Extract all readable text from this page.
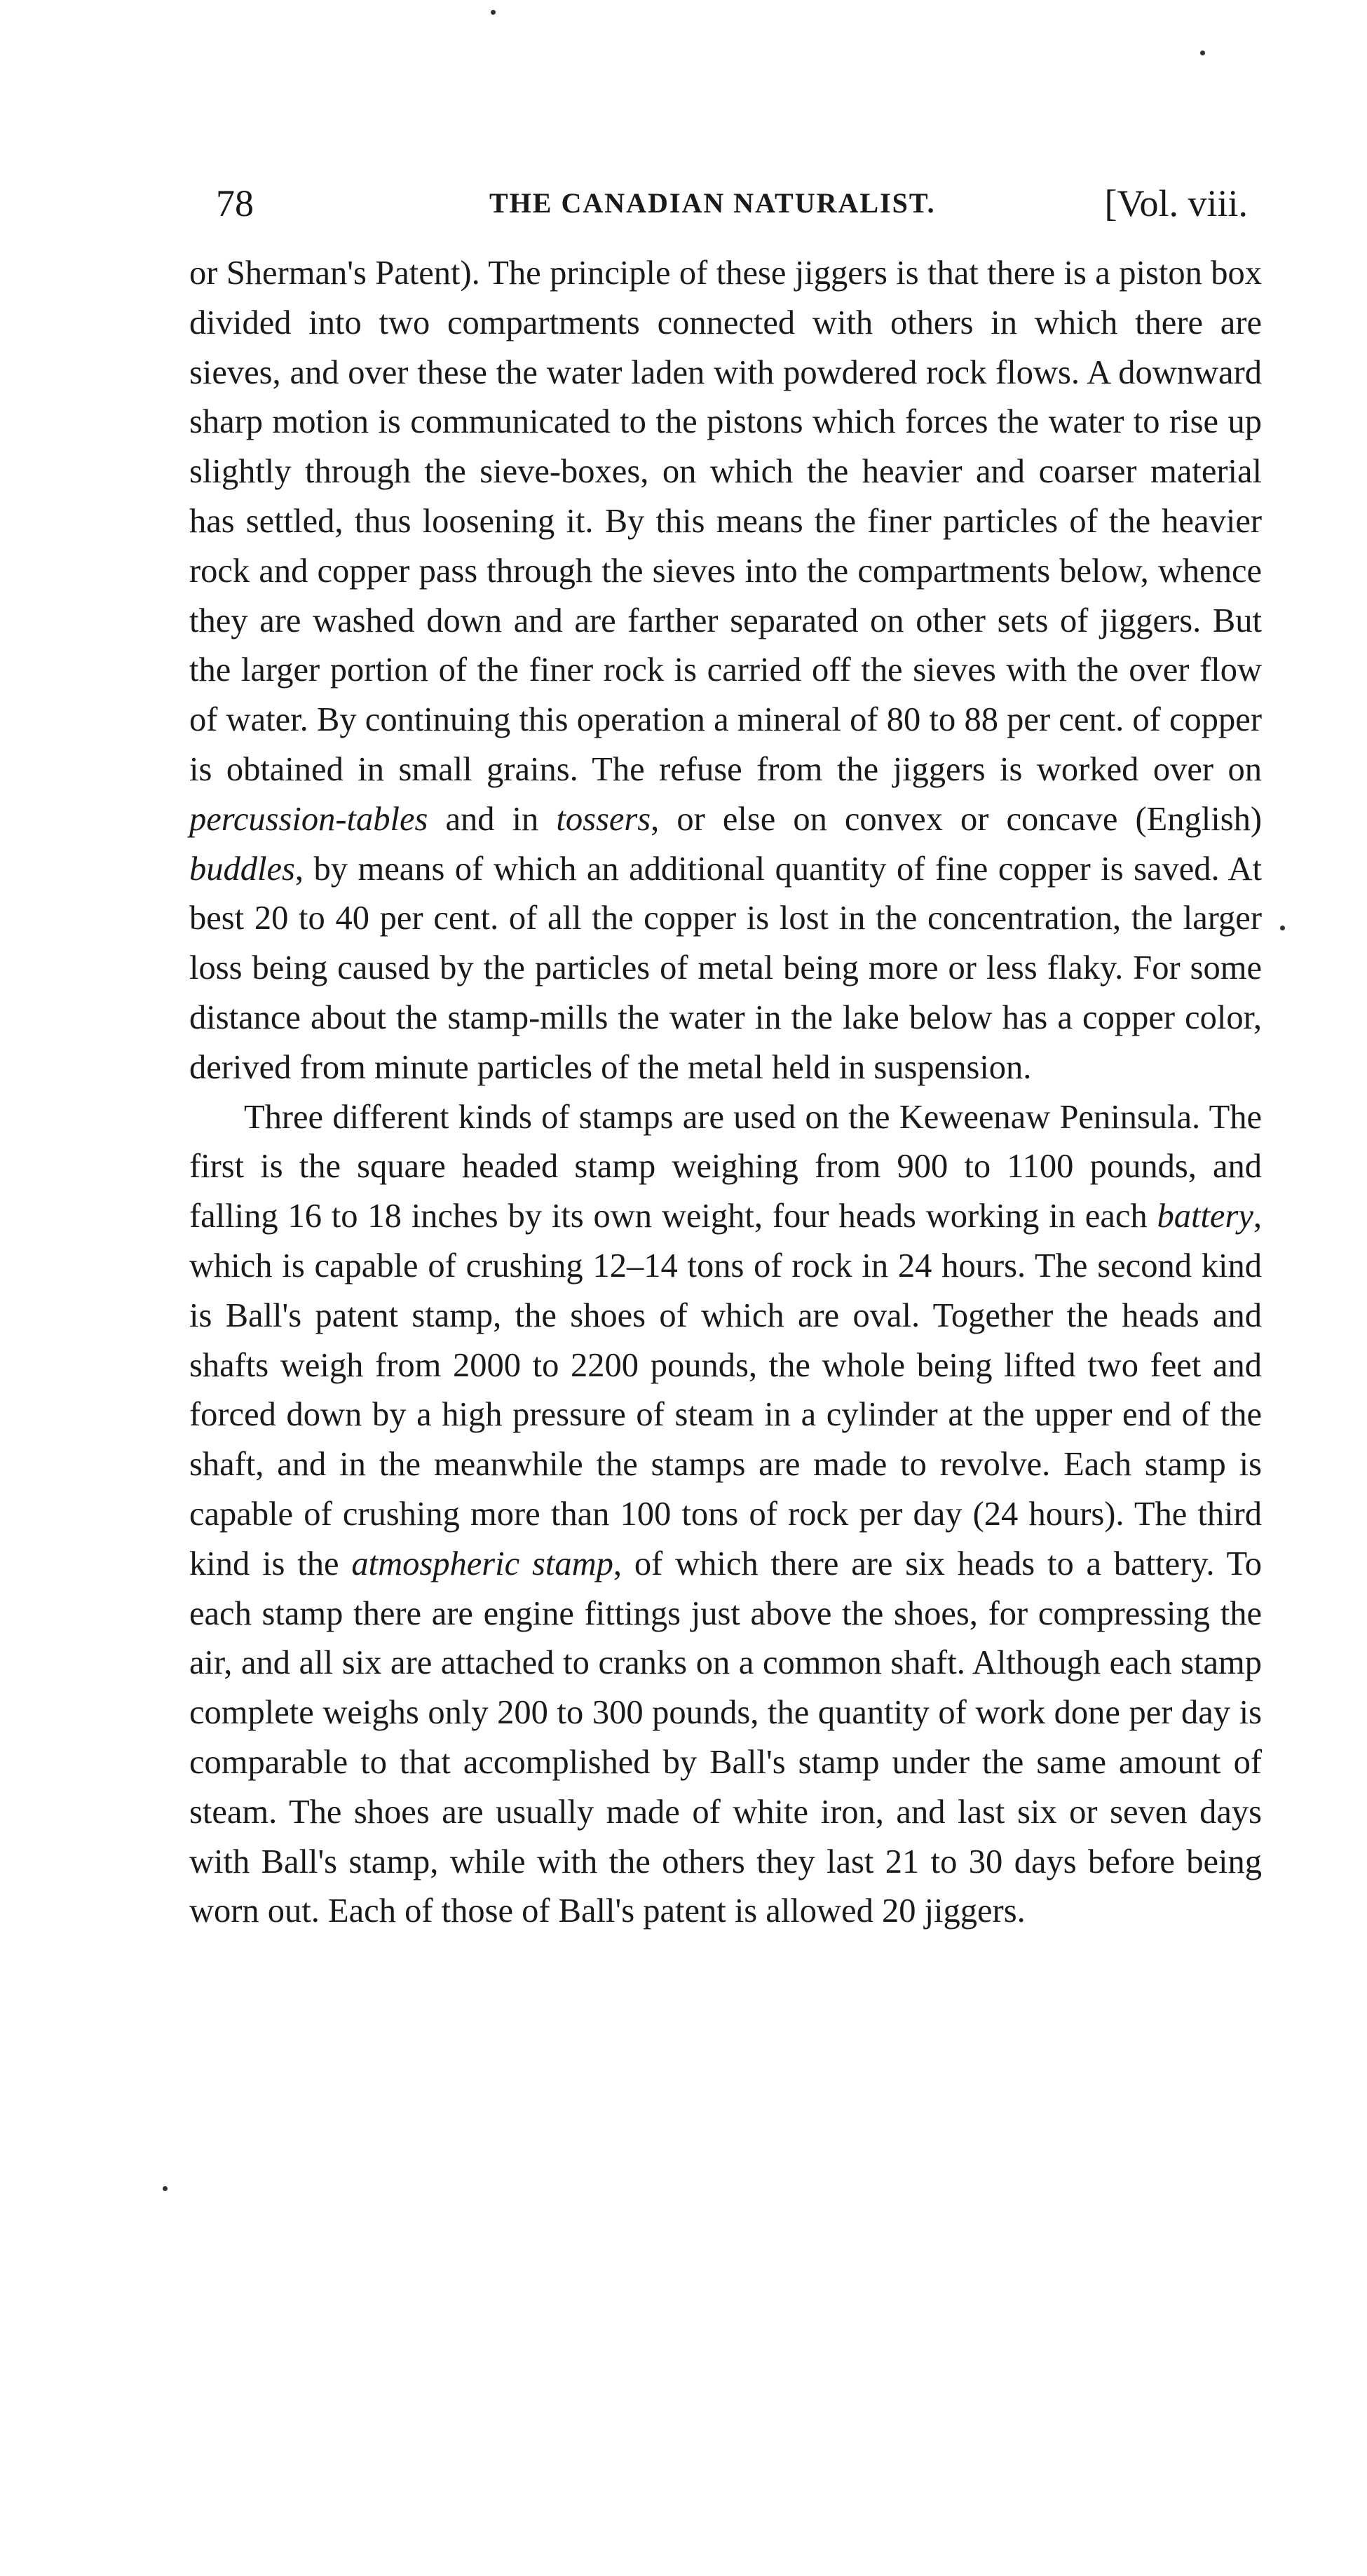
78	THE CANADIAN NATURALIST.	[Vol. viii.

or Sherman's Patent). The principle of these jiggers is that there is a piston box divided into two compartments connected with others in which there are sieves, and over these the water laden with powdered rock flows. A downward sharp motion is communicated to the pistons which forces the water to rise up slightly through the sieve-boxes, on which the heavier and coarser material has settled, thus loosening it. By this means the finer particles of the heavier rock and copper pass through the sieves into the compartments below, whence they are washed down and are farther separated on other sets of jiggers. But the larger portion of the finer rock is carried off the sieves with the over flow of water. By continuing this operation a mineral of 80 to 88 per cent. of copper is obtained in small grains. The refuse from the jiggers is worked over on percussion-tables and in tossers, or else on convex or concave (English) buddles, by means of which an additional quantity of fine copper is saved. At best 20 to 40 per cent. of all the copper is lost in the concentration, the larger loss being caused by the particles of metal being more or less flaky. For some distance about the stamp-mills the water in the lake below has a copper color, derived from minute particles of the metal held in suspension.

Three different kinds of stamps are used on the Keweenaw Peninsula. The first is the square headed stamp weighing from 900 to 1100 pounds, and falling 16 to 18 inches by its own weight, four heads working in each battery, which is capable of crushing 12–14 tons of rock in 24 hours. The second kind is Ball's patent stamp, the shoes of which are oval. Together the heads and shafts weigh from 2000 to 2200 pounds, the whole being lifted two feet and forced down by a high pressure of steam in a cylinder at the upper end of the shaft, and in the meanwhile the stamps are made to revolve. Each stamp is capable of crushing more than 100 tons of rock per day (24 hours). The third kind is the atmospheric stamp, of which there are six heads to a battery. To each stamp there are engine fittings just above the shoes, for compressing the air, and all six are attached to cranks on a common shaft. Although each stamp complete weighs only 200 to 300 pounds, the quantity of work done per day is comparable to that accomplished by Ball's stamp under the same amount of steam. The shoes are usually made of white iron, and last six or seven days with Ball's stamp, while with the others they last 21 to 30 days before being worn out. Each of those of Ball's patent is allowed 20 jiggers.
